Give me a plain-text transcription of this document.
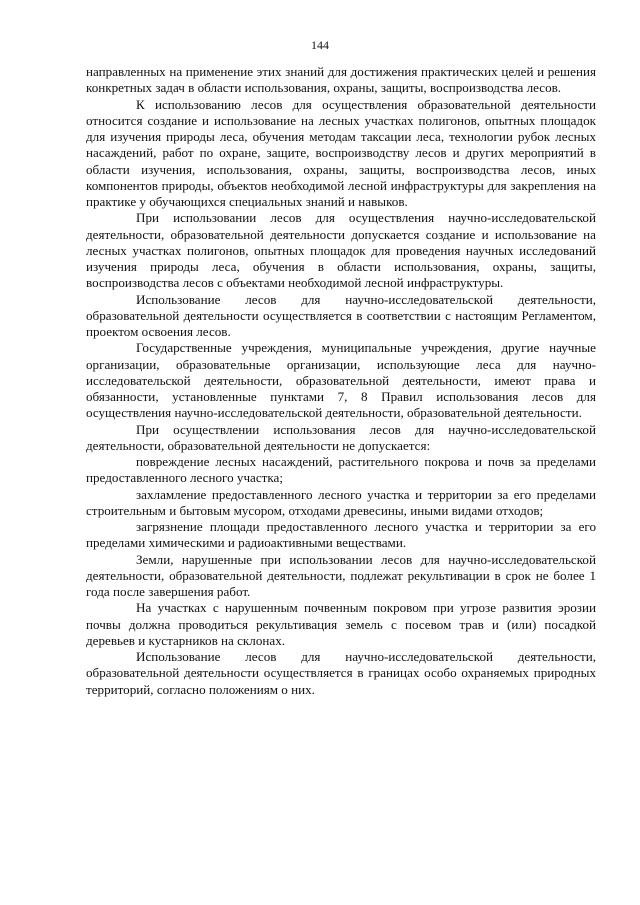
144

направленных на применение этих знаний для достижения практических целей и решения конкретных задач в области использования, охраны, защиты, воспроизводства лесов.

К использованию лесов для осуществления образовательной деятельности относится создание и использование на лесных участках полигонов, опытных площадок для изучения природы леса, обучения методам таксации леса, технологии рубок лесных насаждений, работ по охране, защите, воспроизводству лесов и других мероприятий в области изучения, использования, охраны, защиты, воспроизводства лесов, иных компонентов природы, объектов необходимой лесной инфраструктуры для закрепления на практике у обучающихся специальных знаний и навыков.

При использовании лесов для осуществления научно-исследовательской деятельности, образовательной деятельности допускается создание и использование на лесных участках полигонов, опытных площадок для проведения научных исследований изучения природы леса, обучения в области использования, охраны, защиты, воспроизводства лесов с объектами необходимой лесной инфраструктуры.

Использование лесов для научно-исследовательской деятельности, образовательной деятельности осуществляется в соответствии с настоящим Регламентом, проектом освоения лесов.

Государственные учреждения, муниципальные учреждения, другие научные организации, образовательные организации, использующие леса для научно-исследовательской деятельности, образовательной деятельности, имеют права и обязанности, установленные пунктами 7, 8 Правил использования лесов для осуществления научно-исследовательской деятельности, образовательной деятельности.

При осуществлении использования лесов для научно-исследовательской деятельности, образовательной деятельности не допускается:

повреждение лесных насаждений, растительного покрова и почв за пределами предоставленного лесного участка;

захламление предоставленного лесного участка и территории за его пределами строительным и бытовым мусором, отходами древесины, иными видами отходов;

загрязнение площади предоставленного лесного участка и территории за его пределами химическими и радиоактивными веществами.

Земли, нарушенные при использовании лесов для научно-исследовательской деятельности, образовательной деятельности, подлежат рекультивации в срок не более 1 года после завершения работ.

На участках с нарушенным почвенным покровом при угрозе развития эрозии почвы должна проводиться рекультивация земель с посевом трав и (или) посадкой деревьев и кустарников на склонах.

Использование лесов для научно-исследовательской деятельности, образовательной деятельности осуществляется в границах особо охраняемых природных территорий, согласно положениям о них.
